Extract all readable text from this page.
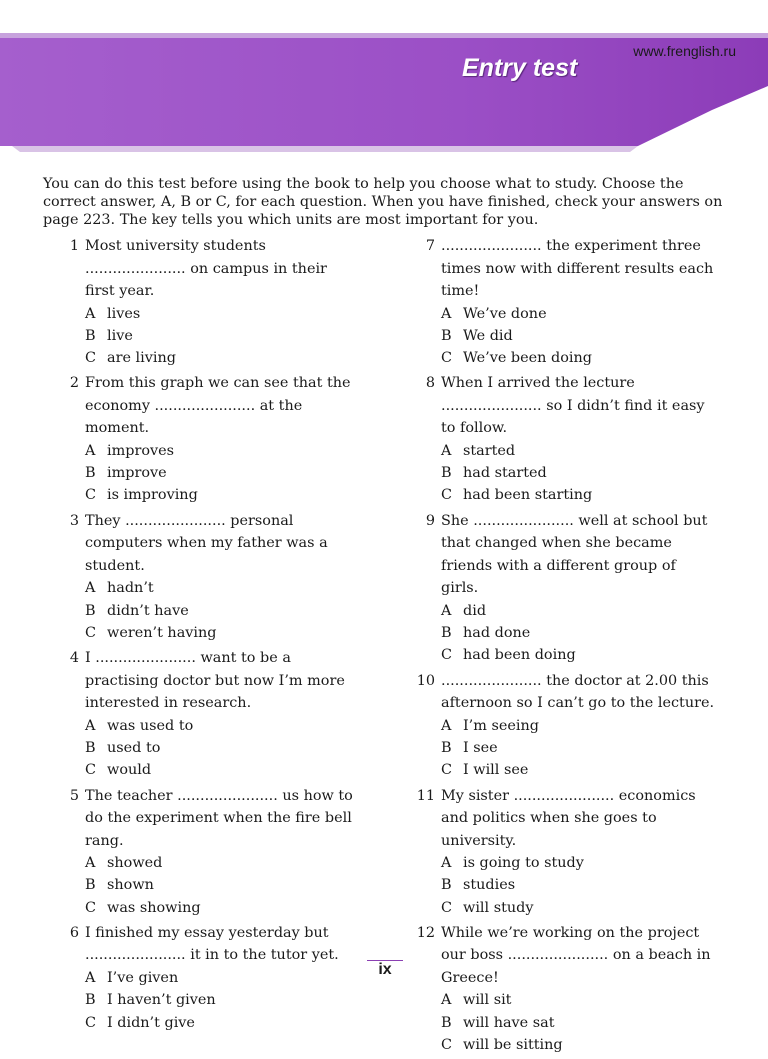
www.frenglish.ru
Entry test

You can do this test before using the book to help you choose what to study. Choose the correct answer, A, B or C, for each question. When you have finished, check your answers on page 223. The key tells you which units are most important for you.

1 Most university students ...................... on campus in their first year.
A lives
B live
C are living
2 From this graph we can see that the economy ...................... at the moment.
A improves
B improve
C is improving
3 They ...................... personal computers when my father was a student.
A hadn’t
B didn’t have
C weren’t having
4 I ...................... want to be a practising doctor but now I’m more interested in research.
A was used to
B used to
C would
5 The teacher ...................... us how to do the experiment when the fire bell rang.
A showed
B shown
C was showing
6 I finished my essay yesterday but ...................... it in to the tutor yet.
A I’ve given
B I haven’t given
C I didn’t give
7 ...................... the experiment three times now with different results each time!
A We’ve done
B We did
C We’ve been doing
8 When I arrived the lecture ...................... so I didn’t find it easy to follow.
A started
B had started
C had been starting
9 She ...................... well at school but that changed when she became friends with a different group of girls.
A did
B had done
C had been doing
10 ...................... the doctor at 2.00 this afternoon so I can’t go to the lecture.
A I’m seeing
B I see
C I will see
11 My sister ...................... economics and politics when she goes to university.
A is going to study
B studies
C will study
12 While we’re working on the project our boss ...................... on a beach in Greece!
A will sit
B will have sat
C will be sitting
ix
